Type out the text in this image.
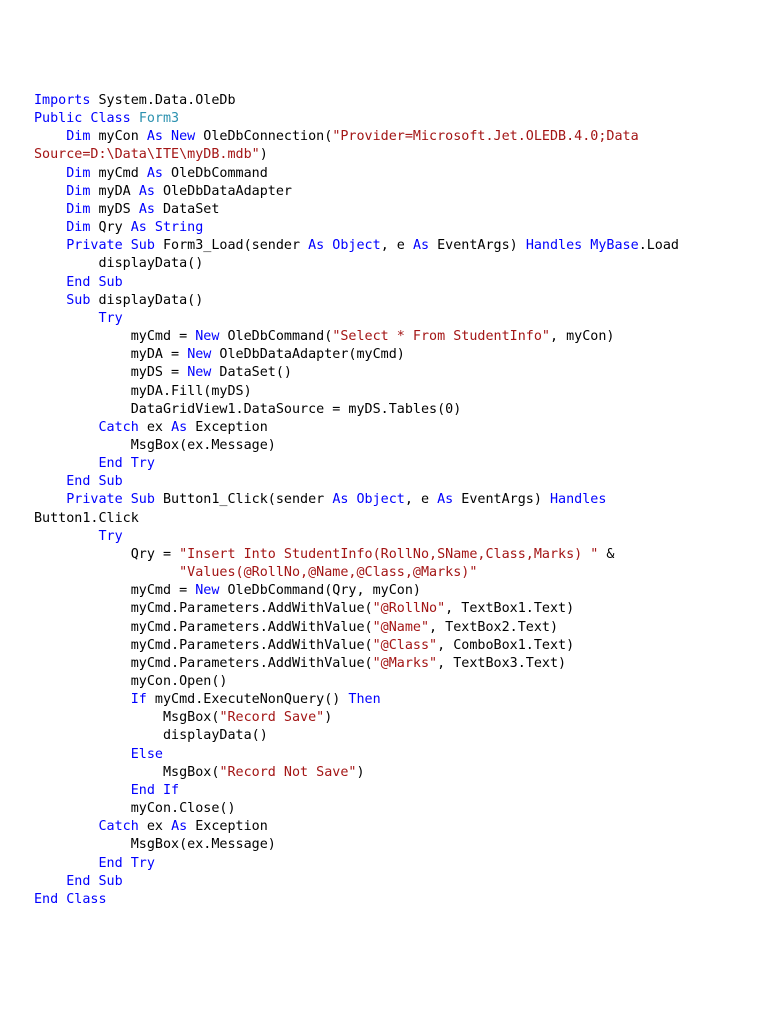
Imports System.Data.OleDb
Public Class Form3
Dim myCon As New OleDbConnection("Provider=Microsoft.Jet.OLEDB.4.0;Data
Source=D:\Data\ITE\myDB.mdb")
Dim myCmd As OleDbCommand
Dim myDA As OleDbDataAdapter
Dim myDS As DataSet
Dim Qry As String
Private Sub Form3_Load(sender As Object, e As EventArgs) Handles MyBase.Load
displayData()
End Sub
Sub displayData()
Try
myCmd = New OleDbCommand("Select * From StudentInfo", myCon)
myDA = New OleDbDataAdapter(myCmd)
myDS = New DataSet()
myDA.Fill(myDS)
DataGridView1.DataSource = myDS.Tables(0)
Catch ex As Exception
MsgBox(ex.Message)
End Try
End Sub
Private Sub Button1_Click(sender As Object, e As EventArgs) Handles
Button1.Click
Try
Qry = "Insert Into StudentInfo(RollNo,SName,Class,Marks) " &
"Values(@RollNo,@Name,@Class,@Marks)"
myCmd = New OleDbCommand(Qry, myCon)
myCmd.Parameters.AddWithValue("@RollNo", TextBox1.Text)
myCmd.Parameters.AddWithValue("@Name", TextBox2.Text)
myCmd.Parameters.AddWithValue("@Class", ComboBox1.Text)
myCmd.Parameters.AddWithValue("@Marks", TextBox3.Text)
myCon.Open()
If myCmd.ExecuteNonQuery() Then
MsgBox("Record Save")
displayData()
Else
MsgBox("Record Not Save")
End If
myCon.Close()
Catch ex As Exception
MsgBox(ex.Message)
End Try
End Sub
End Class
